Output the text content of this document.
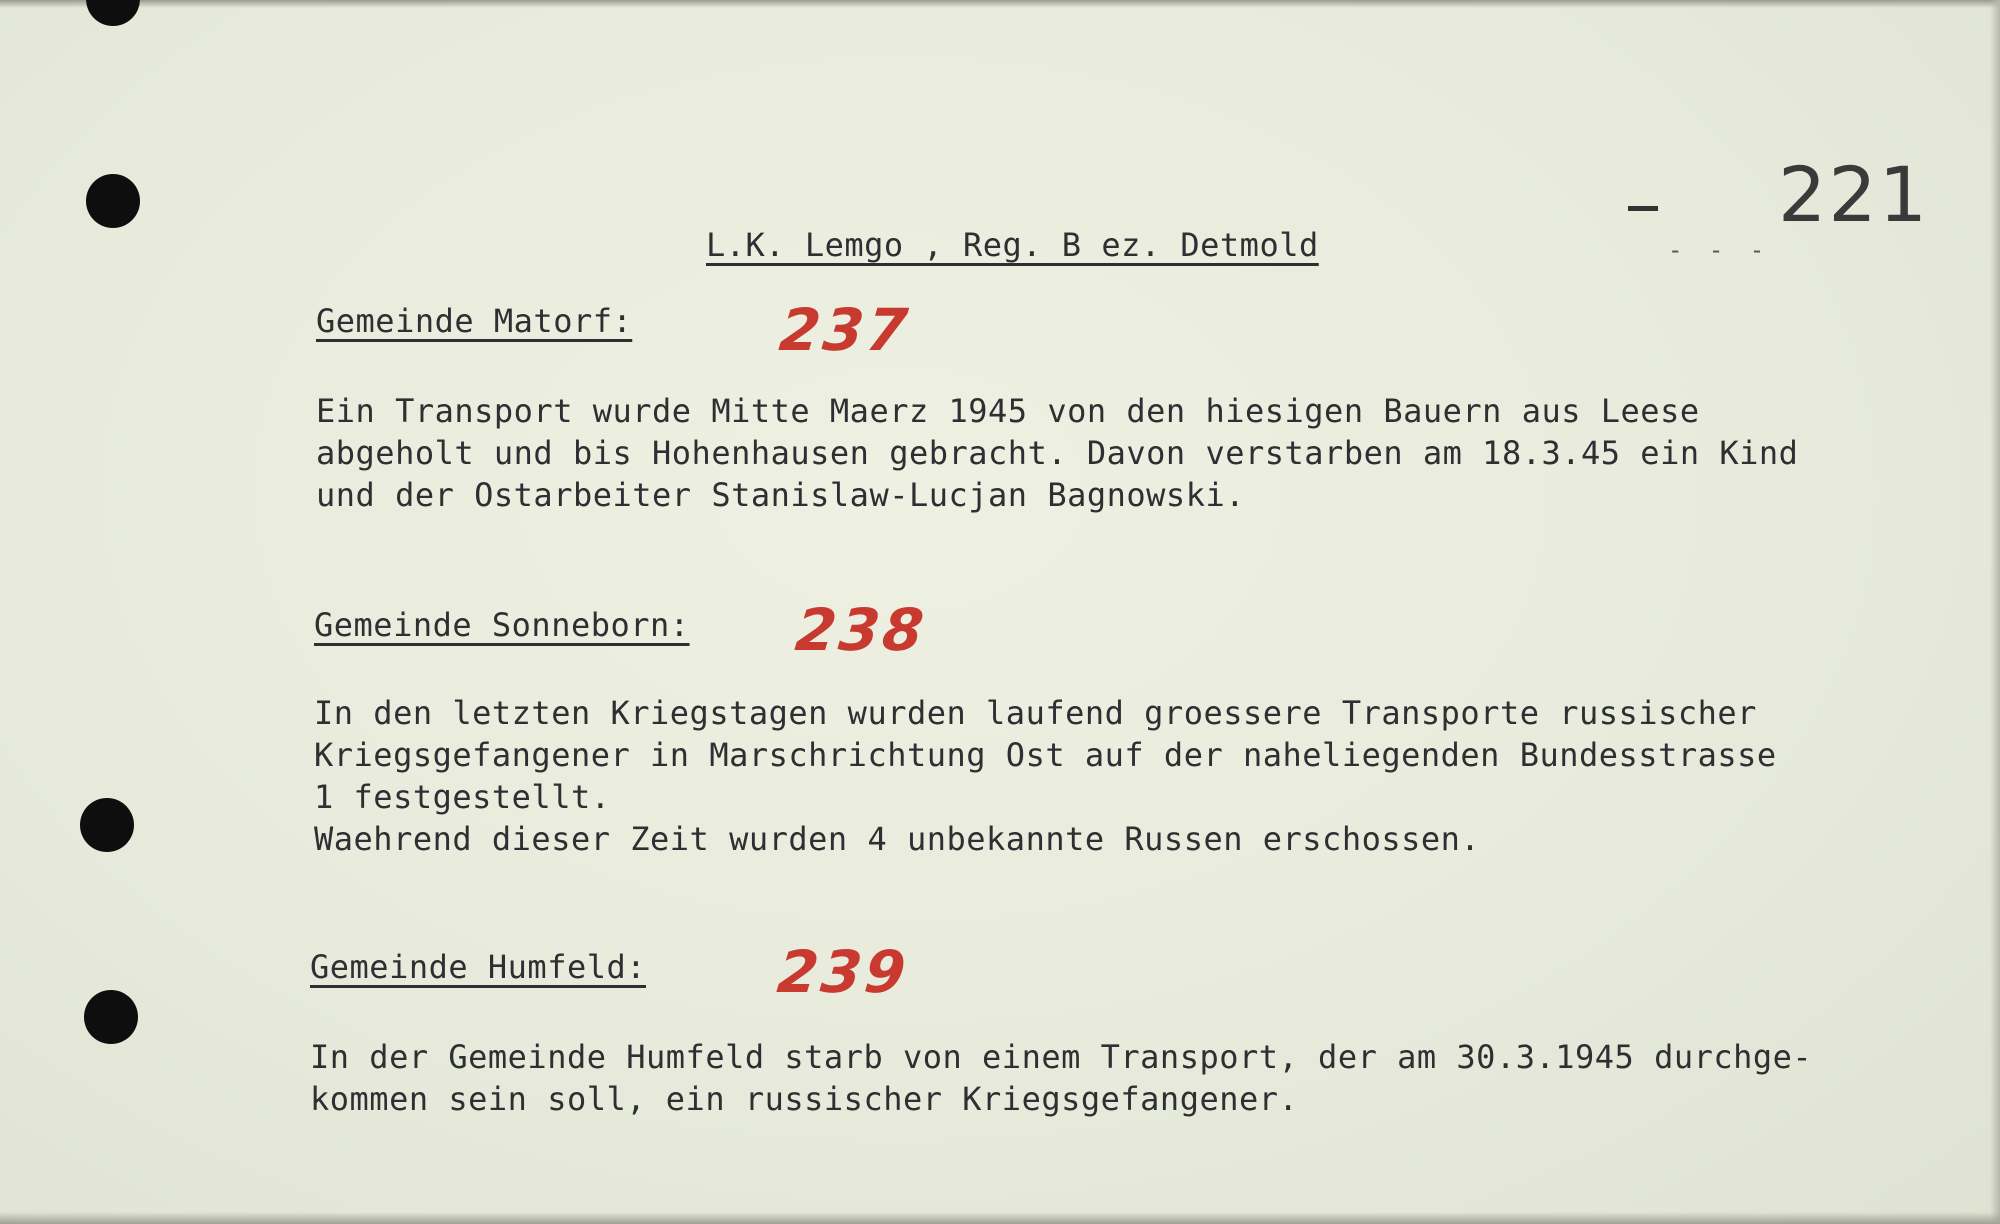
- - -
221
L.K. Lemgo , Reg. B ez. Detmold
Gemeinde Matorf: 237
Ein Transport wurde Mitte Maerz 1945 von den hiesigen Bauern aus Leese
abgeholt und bis Hohenhausen gebracht. Davon verstarben am 18.3.45 ein Kind
und der Ostarbeiter Stanislaw-Lucjan Bagnowski.
Gemeinde Sonneborn: 238
In den letzten Kriegstagen wurden laufend groessere Transporte russischer
Kriegsgefangener in Marschrichtung Ost auf der naheliegenden Bundesstrasse
1 festgestellt.
Waehrend dieser Zeit wurden 4 unbekannte Russen erschossen.
Gemeinde Humfeld: 239
In der Gemeinde Humfeld starb von einem Transport, der am 30.3.1945 durchge-
kommen sein soll, ein russischer Kriegsgefangener.
